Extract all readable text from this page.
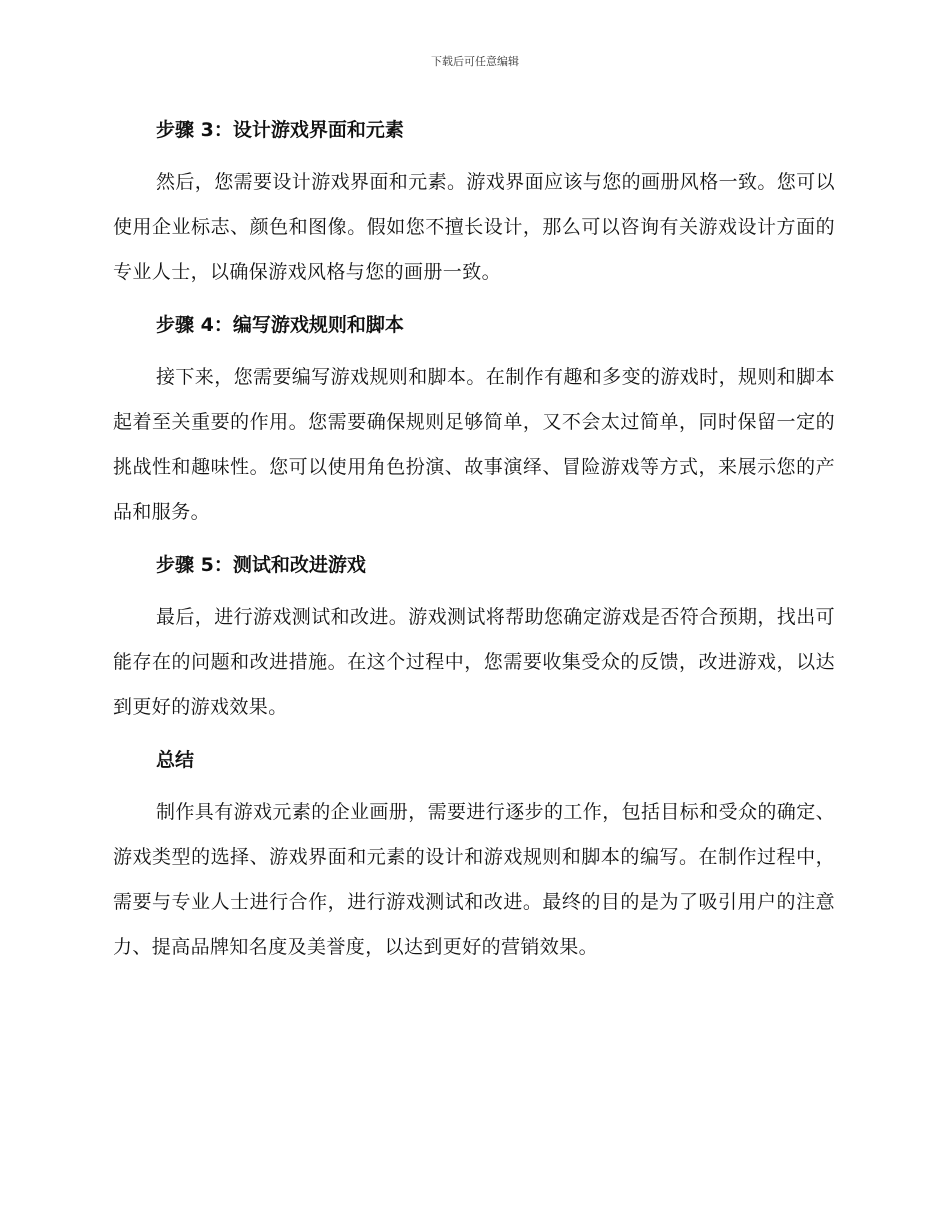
下载后可任意编辑
步骤 3：设计游戏界面和元素

然后，您需要设计游戏界面和元素。游戏界面应该与您的画册风格一致。您可以使用企业标志、颜色和图像。假如您不擅长设计，那么可以咨询有关游戏设计方面的专业人士，以确保游戏风格与您的画册一致。

步骤 4：编写游戏规则和脚本

接下来，您需要编写游戏规则和脚本。在制作有趣和多变的游戏时，规则和脚本起着至关重要的作用。您需要确保规则足够简单，又不会太过简单，同时保留一定的挑战性和趣味性。您可以使用角色扮演、故事演绎、冒险游戏等方式，来展示您的产品和服务。

步骤 5：测试和改进游戏

最后，进行游戏测试和改进。游戏测试将帮助您确定游戏是否符合预期，找出可能存在的问题和改进措施。在这个过程中，您需要收集受众的反馈，改进游戏，以达到更好的游戏效果。

总结

制作具有游戏元素的企业画册，需要进行逐步的工作，包括目标和受众的确定、游戏类型的选择、游戏界面和元素的设计和游戏规则和脚本的编写。在制作过程中，需要与专业人士进行合作，进行游戏测试和改进。最终的目的是为了吸引用户的注意力、提高品牌知名度及美誉度，以达到更好的营销效果。
